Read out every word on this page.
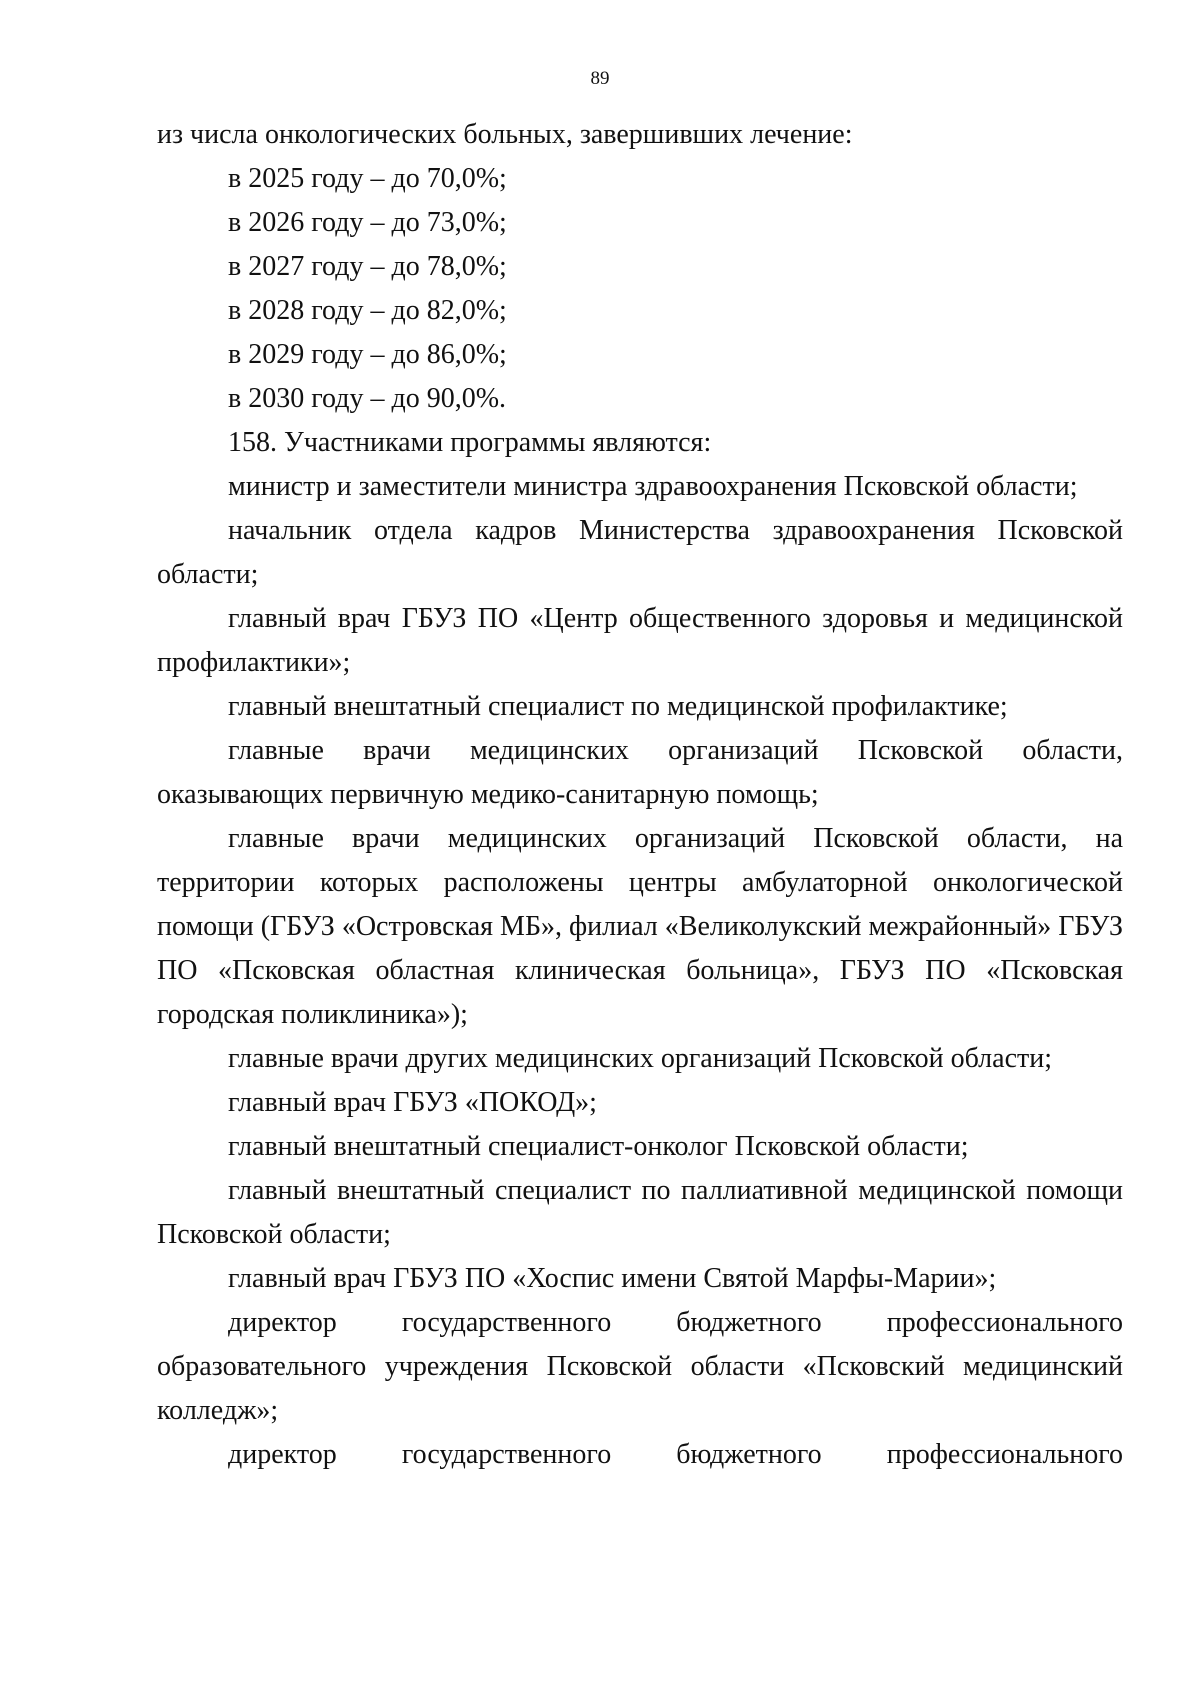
89

из числа онкологических больных, завершивших лечение:

в 2025 году – до 70,0%;

в 2026 году – до 73,0%;

в 2027 году – до 78,0%;

в 2028 году – до 82,0%;

в 2029 году – до 86,0%;

в 2030 году – до 90,0%.

158. Участниками программы являются:

министр и заместители министра здравоохранения Псковской области;

начальник отдела кадров Министерства здравоохранения Псковской области;

главный врач ГБУЗ ПО «Центр общественного здоровья и медицинской профилактики»;

главный внештатный специалист по медицинской профилактике;

главные врачи медицинских организаций Псковской области, оказывающих первичную медико-санитарную помощь;

главные врачи медицинских организаций Псковской области, на территории которых расположены центры амбулаторной онкологической помощи (ГБУЗ «Островская МБ», филиал «Великолукский межрайонный» ГБУЗ ПО «Псковская областная клиническая больница», ГБУЗ ПО «Псковская городская поликлиника»);

главные врачи других медицинских организаций Псковской области;

главный врач ГБУЗ «ПОКОД»;

главный внештатный специалист-онколог Псковской области;

главный внештатный специалист по паллиативной медицинской помощи Псковской области;

главный врач ГБУЗ ПО «Хоспис имени Святой Марфы-Марии»;

директор государственного бюджетного профессионального образовательного учреждения Псковской области «Псковский медицинский колледж»;

директор государственного бюджетного профессионального
